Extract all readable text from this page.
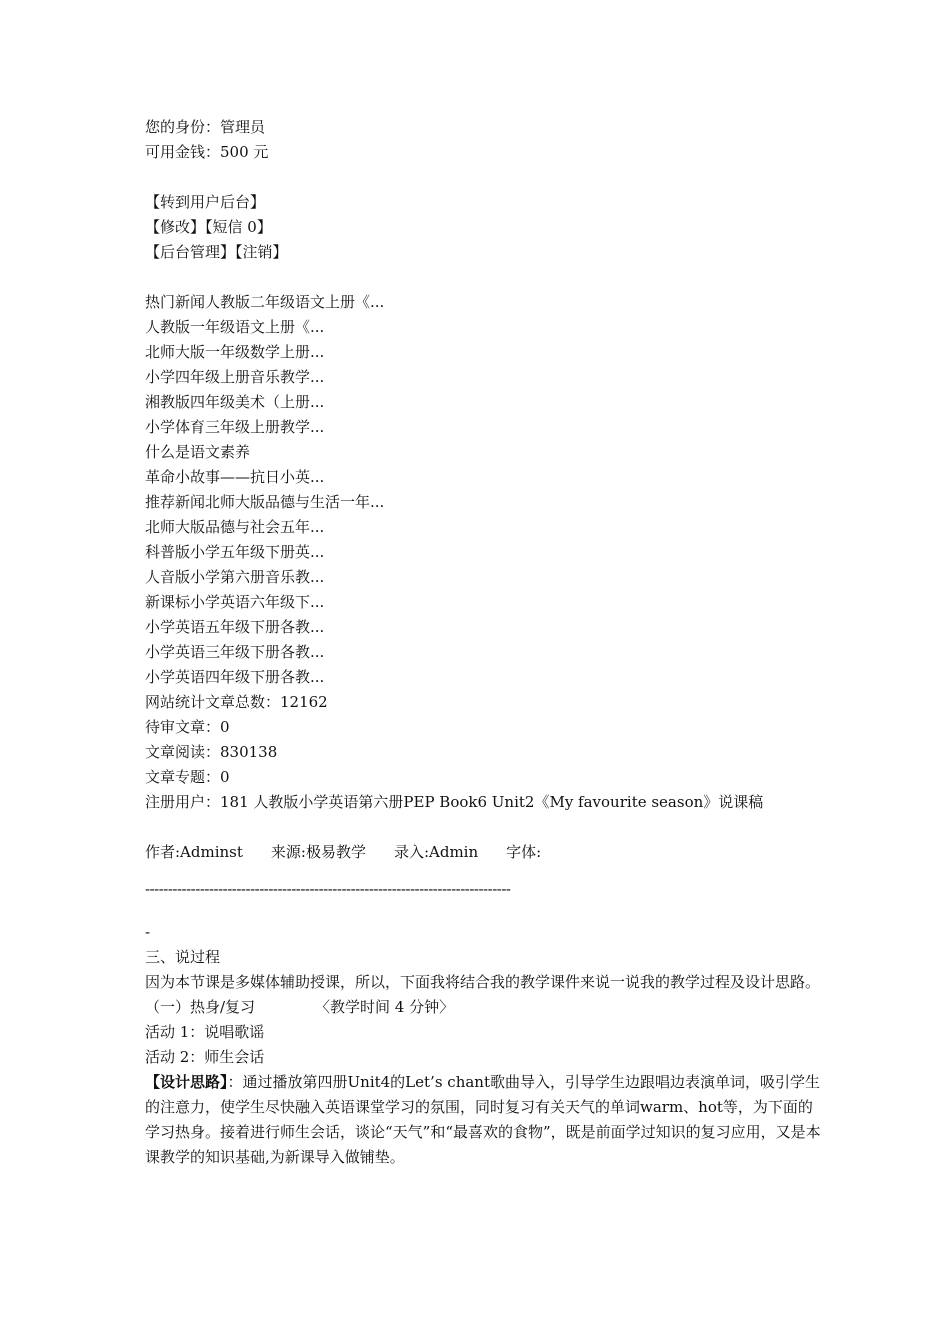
您的身份：管理员
可用金钱：500 元
【转到用户后台】
【修改】【短信 0】
【后台管理】【注销】
热门新闻人教版二年级语文上册《...
人教版一年级语文上册《...
北师大版一年级数学上册...
小学四年级上册音乐教学...
湘教版四年级美术（上册...
小学体育三年级上册教学...
什么是语文素养
革命小故事——抗日小英...
推荐新闻北师大版品德与生活一年...
北师大版品德与社会五年...
科普版小学五年级下册英...
人音版小学第六册音乐教...
新课标小学英语六年级下...
小学英语五年级下册各教...
小学英语三年级下册各教...
小学英语四年级下册各教...
网站统计文章总数：12162
待审文章：0
文章阅读：830138
文章专题：0
注册用户：181 人教版小学英语第六册PEP Book6 Unit2《My favourite season》说课稿
作者:Adminst 来源:极易教学 录入:Admin 字体:
--------------------------------------------------------------------------------
-
三、说过程
因为本节课是多媒体辅助授课，所以，下面我将结合我的教学课件来说一说我的教学过程及设计思路。
（一）热身/复习	〈教学时间 4 分钟〉
活动 1：说唱歌谣
活动 2：师生会话
【设计思路】：通过播放第四册Unit4的Let’s chant歌曲导入，引导学生边跟唱边表演单词，吸引学生的注意力，使学生尽快融入英语课堂学习的氛围，同时复习有关天气的单词warm、hot等，为下面的学习热身。接着进行师生会话，谈论“天气”和“最喜欢的食物”，既是前面学过知识的复习应用，又是本课教学的知识基础,为新课导入做铺垫。
